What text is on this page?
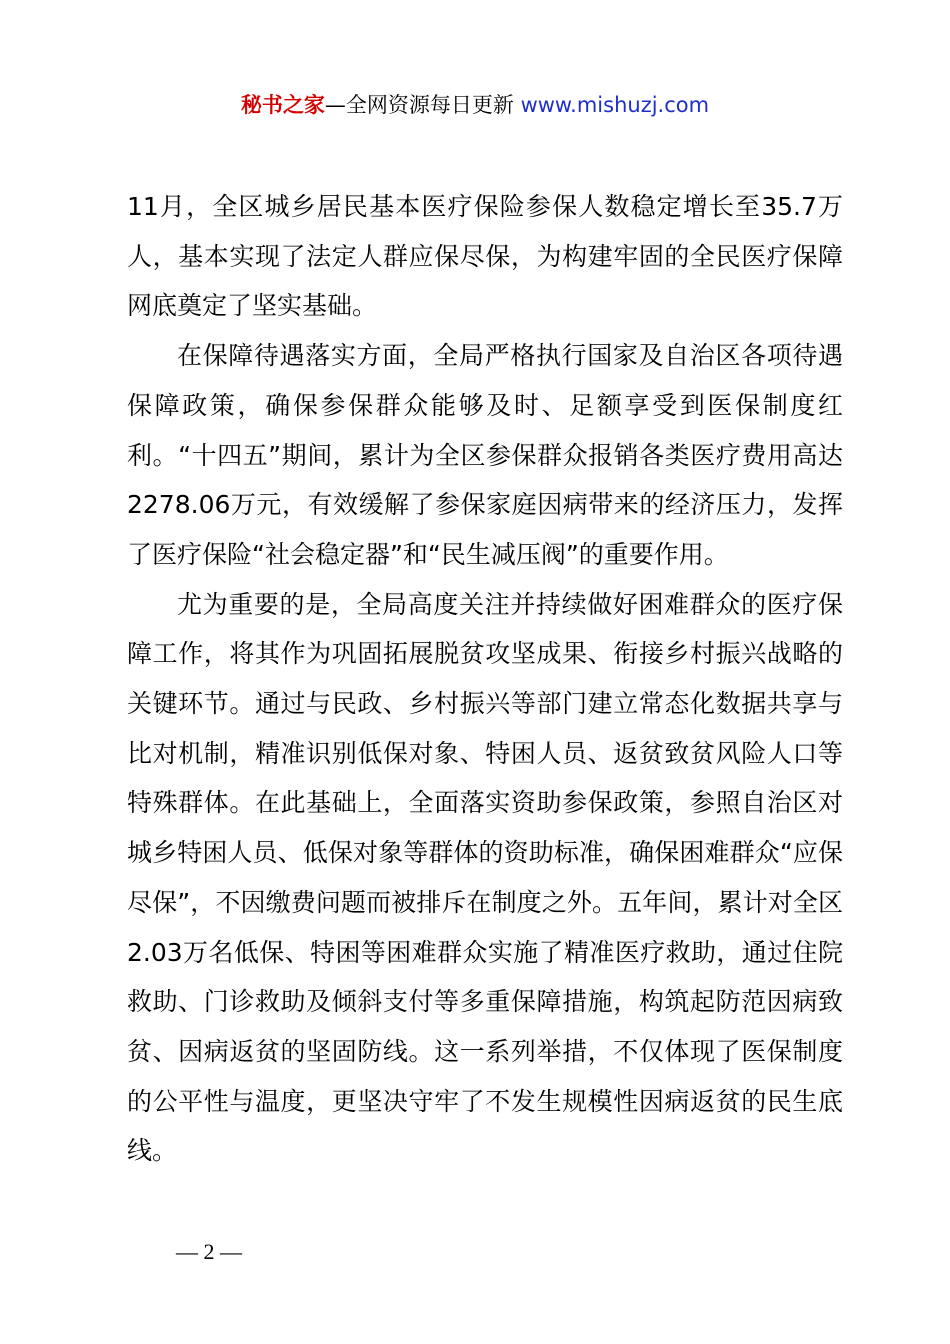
秘书之家—全网资源每日更新 www.mishuzj.com

11月，全区城乡居民基本医疗保险参保人数稳定增长至35.7万人，基本实现了法定人群应保尽保，为构建牢固的全民医疗保障网底奠定了坚实基础。

在保障待遇落实方面，全局严格执行国家及自治区各项待遇保障政策，确保参保群众能够及时、足额享受到医保制度红利。“十四五”期间，累计为全区参保群众报销各类医疗费用高达2278.06万元，有效缓解了参保家庭因病带来的经济压力，发挥了医疗保险“社会稳定器”和“民生减压阀”的重要作用。

尤为重要的是，全局高度关注并持续做好困难群众的医疗保障工作，将其作为巩固拓展脱贫攻坚成果、衔接乡村振兴战略的关键环节。通过与民政、乡村振兴等部门建立常态化数据共享与比对机制，精准识别低保对象、特困人员、返贫致贫风险人口等特殊群体。在此基础上，全面落实资助参保政策，参照自治区对城乡特困人员、低保对象等群体的资助标准，确保困难群众“应保尽保”，不因缴费问题而被排斥在制度之外。五年间，累计对全区2.03万名低保、特困等困难群众实施了精准医疗救助，通过住院救助、门诊救助及倾斜支付等多重保障措施，构筑起防范因病致贫、因病返贫的坚固防线。这一系列举措，不仅体现了医保制度的公平性与温度，更坚决守牢了不发生规模性因病返贫的民生底线。

— 2 —
